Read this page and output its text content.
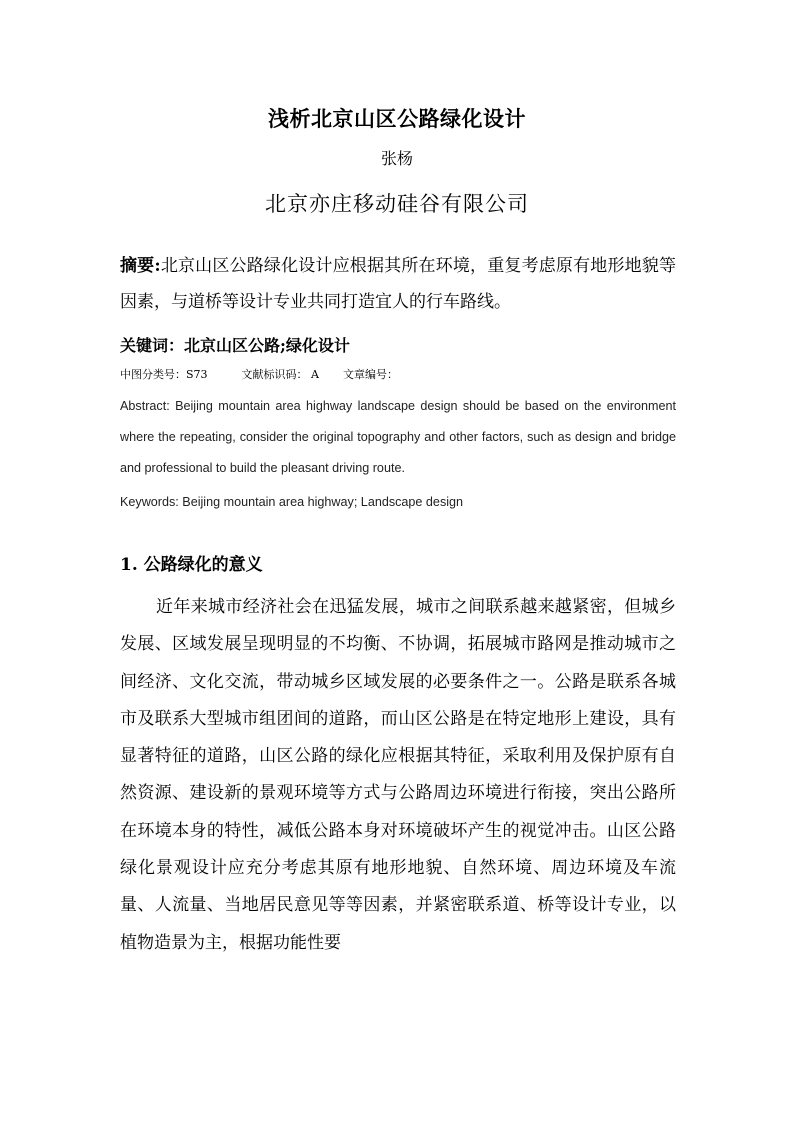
浅析北京山区公路绿化设计
张杨
北京亦庄移动硅谷有限公司
摘要:北京山区公路绿化设计应根据其所在环境，重复考虑原有地形地貌等因素，与道桥等设计专业共同打造宜人的行车路线。
关键词：北京山区公路;绿化设计
中图分类号：S73	文献标识码： A 文章编号：
Abstract: Beijing mountain area highway landscape design should be based on the environment where the repeating, consider the original topography and other factors, such as design and bridge and professional to build the pleasant driving route.
Keywords: Beijing mountain area highway; Landscape design
1. 公路绿化的意义

近年来城市经济社会在迅猛发展，城市之间联系越来越紧密，但城乡发展、区域发展呈现明显的不均衡、不协调，拓展城市路网是推动城市之间经济、文化交流，带动城乡区域发展的必要条件之一。公路是联系各城市及联系大型城市组团间的道路，而山区公路是在特定地形上建设，具有显著特征的道路，山区公路的绿化应根据其特征，采取利用及保护原有自然资源、建设新的景观环境等方式与公路周边环境进行衔接，突出公路所在环境本身的特性，减低公路本身对环境破坏产生的视觉冲击。山区公路绿化景观设计应充分考虑其原有地形地貌、自然环境、周边环境及车流量、人流量、当地居民意见等等因素，并紧密联系道、桥等设计专业，以植物造景为主，根据功能性要
